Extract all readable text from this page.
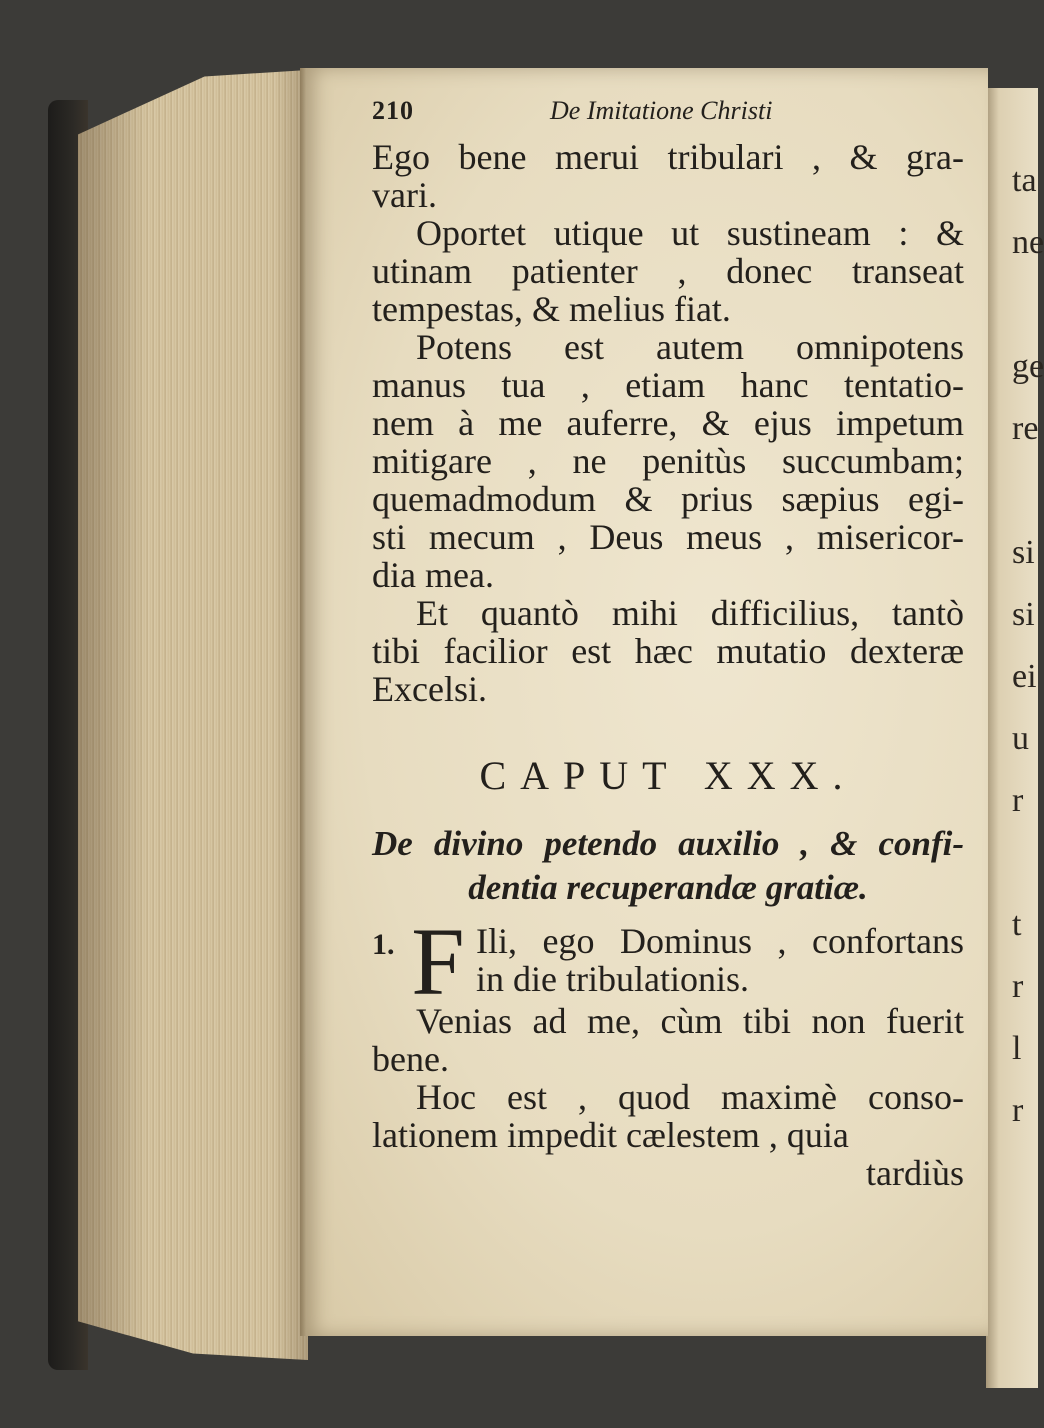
ta
ne
ge
re
si
si
ei
u
r
t
r
l
r
210	De Imitatione Christi
Ego bene merui tribulari , & gra-
vari.
Oportet utique ut sustineam : &
utinam patienter , donec transeat
tempestas, & melius fiat.
Potens est autem omnipotens
manus tua , etiam hanc tentatio-
nem à me auferre, & ejus impetum
mitigare , ne penitùs succumbam;
quemadmodum & prius sæpius egi-
sti mecum , Deus meus , misericor-
dia mea.
Et quantò mihi difficilius, tantò
tibi facilior est hæc mutatio dexteræ
Excelsi.
CAPUT XXX.
De divino petendo auxilio , & confi-
dentia recuperandæ gratiæ.
1. F Ili, ego Dominus , confortans
in die tribulationis.
Venias ad me, cùm tibi non fuerit
bene.
Hoc est , quod maximè conso-
lationem impedit cælestem , quia
tardiùs
